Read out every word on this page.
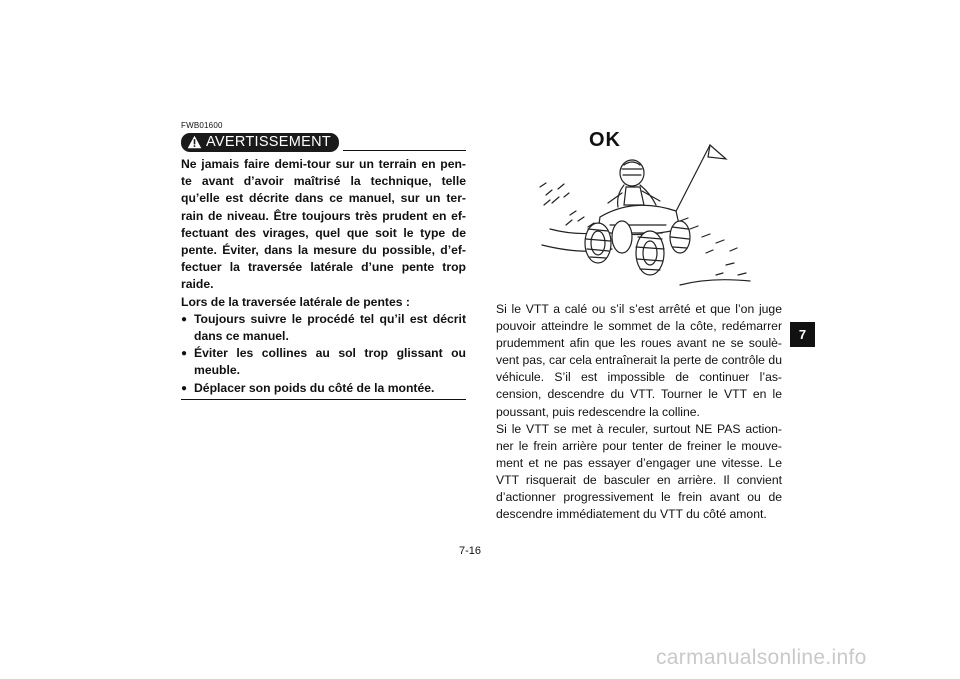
FWB01600
AVERTISSEMENT

Ne jamais faire demi-tour sur un terrain en pen-te avant d’avoir maîtrisé la technique, telle qu’elle est décrite dans ce manuel, sur un ter-rain de niveau. Être toujours très prudent en ef-fectuant des virages, quel que soit le type de pente. Éviter, dans la mesure du possible, d’ef-fectuer la traversée latérale d’une pente trop raide.

Lors de la traversée latérale de pentes :

● Toujours suivre le procédé tel qu’il est décrit dans ce manuel.
● Éviter les collines au sol trop glissant ou meuble.
● Déplacer son poids du côté de la montée.
OK

Si le VTT a calé ou s’il s’est arrêté et que l’on juge pouvoir atteindre le sommet de la côte, redémarrer prudemment afin que les roues avant ne se soulè-vent pas, car cela entraînerait la perte de contrôle du véhicule. S’il est impossible de continuer l’as-cension, descendre du VTT. Tourner le VTT en le poussant, puis redescendre la colline.

Si le VTT se met à reculer, surtout NE PAS action-ner le frein arrière pour tenter de freiner le mouve-ment et ne pas essayer d’engager une vitesse. Le VTT risquerait de basculer en arrière. Il convient d’actionner progressivement le frein avant ou de descendre immédiatement du VTT du côté amont.

7
7-16
carmanualsonline.info
